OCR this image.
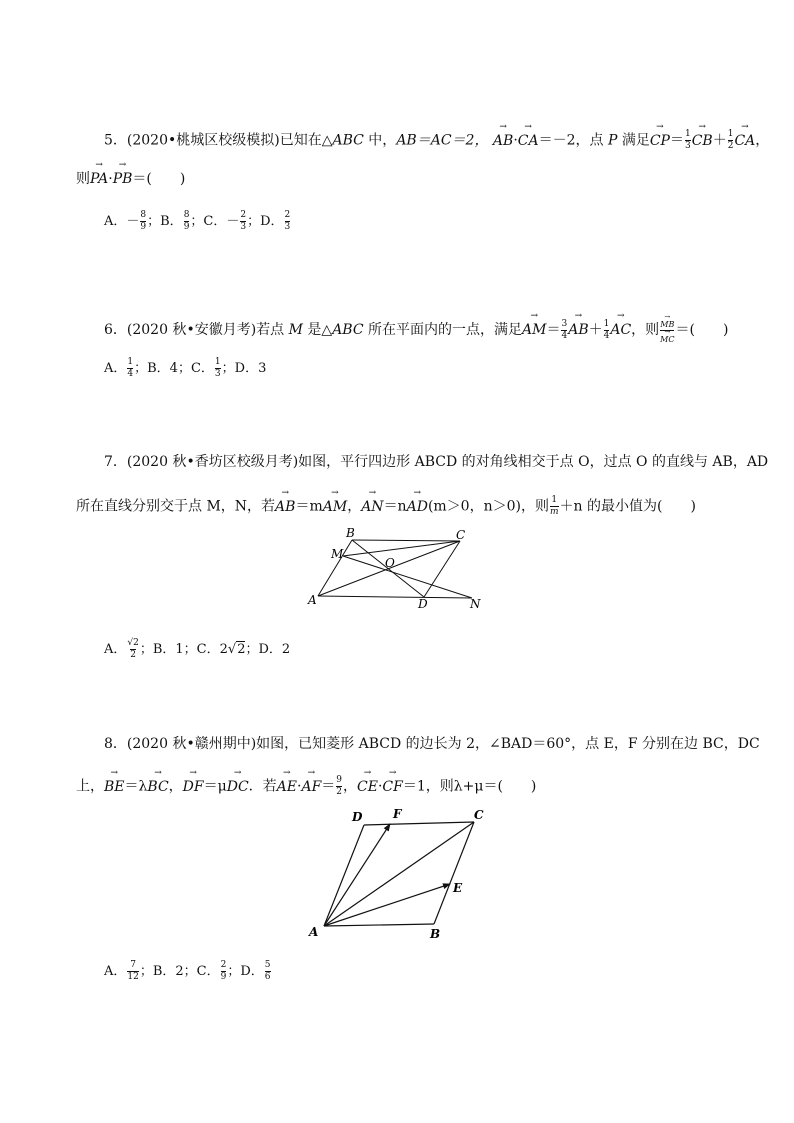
5．(2020•桃城区校级模拟)已知在△ABC 中，AB＝AC＝2， → AB·→ CA＝－2，点 P 满足→ $CP= \frac{1}{3}$
→ $CB+ \frac{1}{2}$
→ CA，
则→ PA·→ PB＝(　　)
A．－ $\frac{8}{9}$ ；B． $\frac{8}{9}$ ；C．－ $\frac{2}{3}$ ；D． $\frac{2}{3}$
6．(2020 秋•安徽月考)若点 M 是△ABC 所在平面内的一点，满足→ $AM= \frac{3}{4}$
→ $AB+ \frac{1}{4}$
→ AC，则
→ MB
→ MC ＝(　　)
A． $\frac{1}{4}$ ；B．4；C． $\frac{1}{3}$ ；D．3
7．(2020 秋•香坊区校级月考)如图，平行四边形 ABCD 的对角线相交于点 O，过点 O 的直线与 AB，AD
所在直线分别交于点 M，N，若→ AB＝m→ AM，→ AN＝n→ AD(m＞0，n＞0)，则 $\frac{1}{m} +n$ 的最小值为(　　)
A
B	C
D
M
N
O
A． $\frac{√2}{2}$ ；B．1；C．2√2；D．2
8．(2020 秋•赣州期中)如图，已知菱形 ABCD 的边长为 2，∠BAD＝60°，点 E，F 分别在边 BC，DC
上，→ BE＝λ→ BC，→ DF＝μ→ DC．若→ $AE\cdot\to AF= \frac{9}{2}$ ，→ CE·→ CF＝1，则λ+μ＝(　　)
A	B
C
D
E
F
A． $\frac{7}{12}$ ；B．2；C． $\frac{2}{9}$ ；D． $\frac{5}{6}$
